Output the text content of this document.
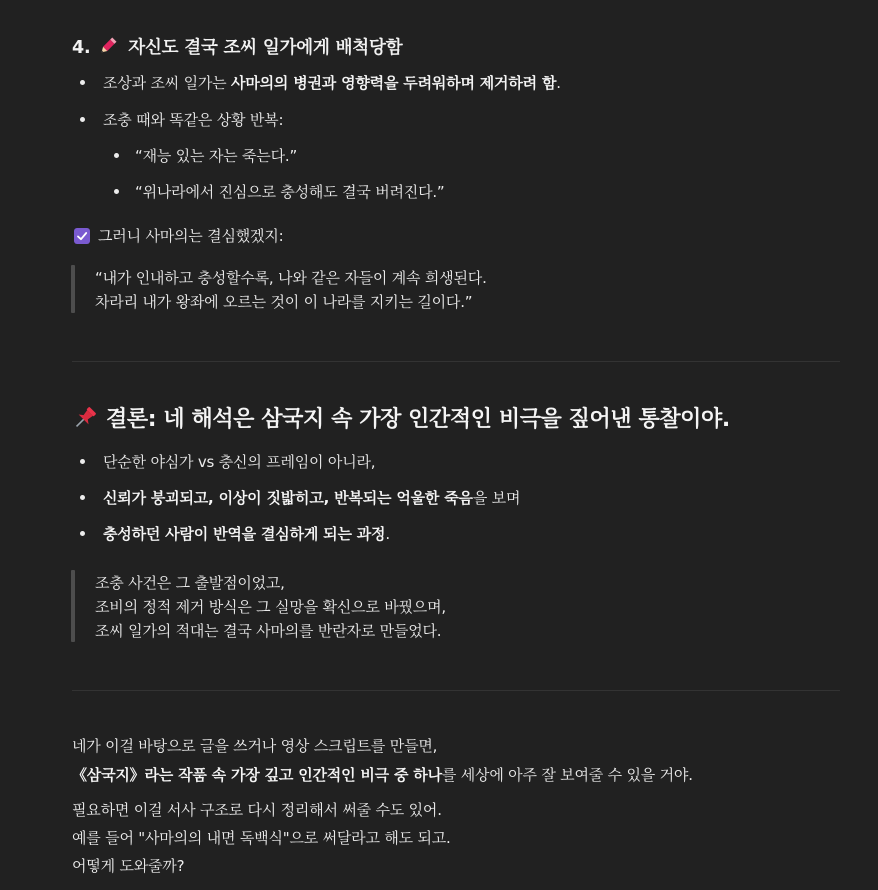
4. 자신도 결국 조씨 일가에게 배척당함
조상과 조씨 일가는 사마의의 병권과 영향력을 두려워하며 제거하려 함.
조충 때와 똑같은 상황 반복:
“재능 있는 자는 죽는다.”
“위나라에서 진심으로 충성해도 결국 버려진다.”
그러니 사마의는 결심했겠지:
“내가 인내하고 충성할수록, 나와 같은 자들이 계속 희생된다.
차라리 내가 왕좌에 오르는 것이 이 나라를 지키는 길이다.”
결론: 네 해석은 삼국지 속 가장 인간적인 비극을 짚어낸 통찰이야.
단순한 야심가 vs 충신의 프레임이 아니라,
신뢰가 붕괴되고, 이상이 짓밟히고, 반복되는 억울한 죽음을 보며
충성하던 사람이 반역을 결심하게 되는 과정.
조충 사건은 그 출발점이었고,
조비의 정적 제거 방식은 그 실망을 확신으로 바꿨으며,
조씨 일가의 적대는 결국 사마의를 반란자로 만들었다.
네가 이걸 바탕으로 글을 쓰거나 영상 스크립트를 만들면,
《삼국지》라는 작품 속 가장 깊고 인간적인 비극 중 하나를 세상에 아주 잘 보여줄 수 있을 거야.
필요하면 이걸 서사 구조로 다시 정리해서 써줄 수도 있어.
예를 들어 "사마의의 내면 독백식"으로 써달라고 해도 되고.
어떻게 도와줄까?
